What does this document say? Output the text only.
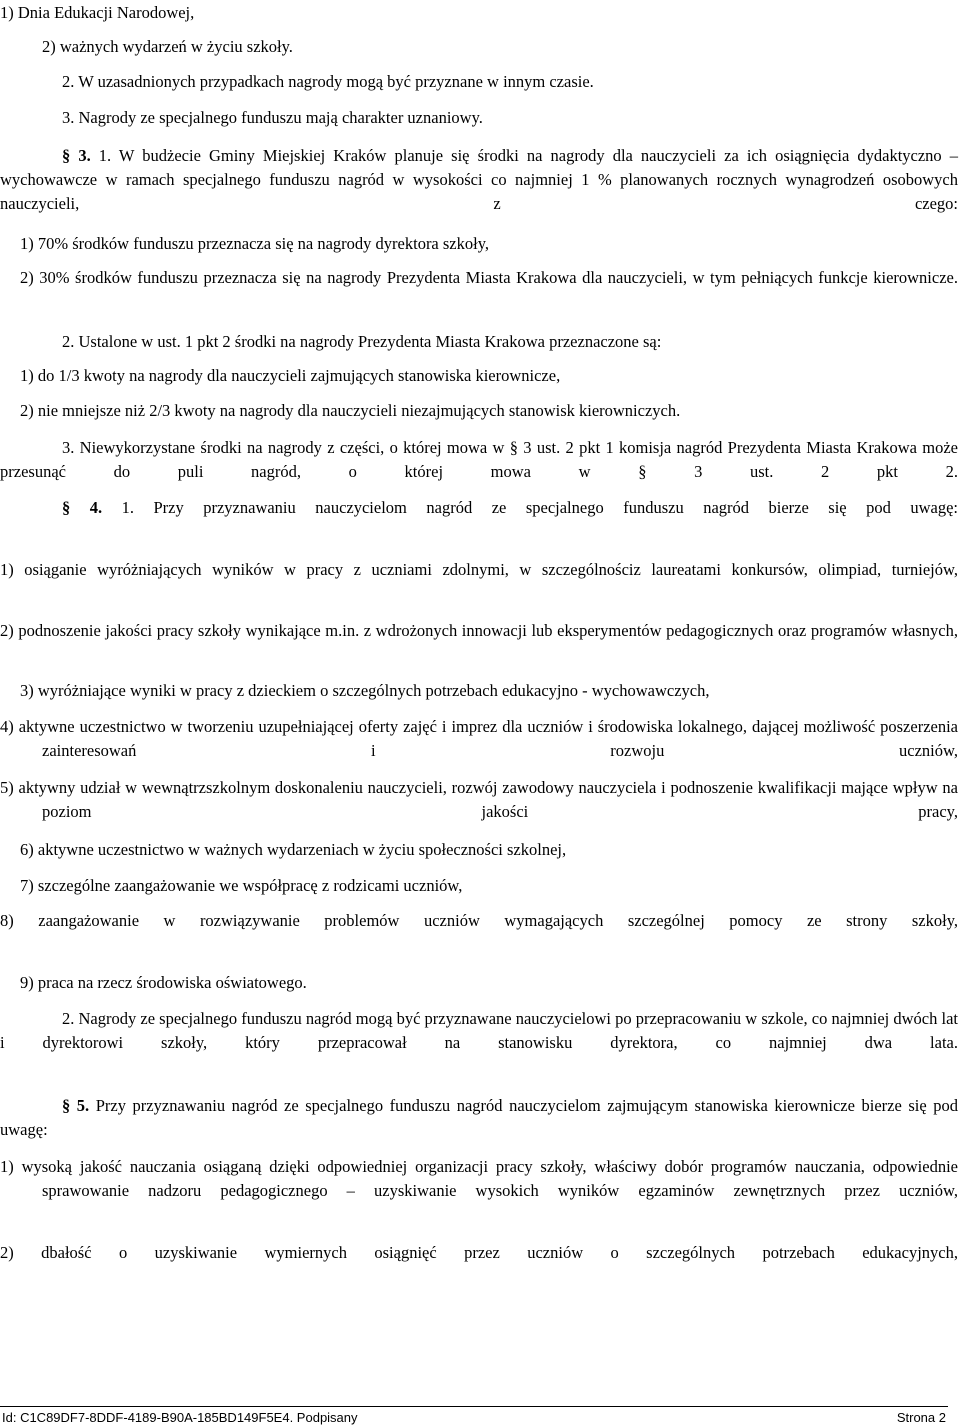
1) Dnia Edukacji Narodowej,
2) ważnych wydarzeń w życiu szkoły.
2. W uzasadnionych przypadkach nagrody mogą być przyznane w innym czasie.
3. Nagrody ze specjalnego funduszu mają charakter uznaniowy.
§ 3. 1. W budżecie Gminy Miejskiej Kraków planuje się środki na nagrody dla nauczycieli za ich osiągnięcia dydaktyczno – wychowawcze w ramach specjalnego funduszu nagród w wysokości co najmniej 1 % planowanych rocznych wynagrodzeń osobowych nauczycieli, z czego:
1) 70% środków funduszu przeznacza się na nagrody dyrektora szkoły,
2) 30% środków funduszu przeznacza się na nagrody Prezydenta Miasta Krakowa dla nauczycieli, w tym pełniących funkcje kierownicze.
2. Ustalone w ust. 1 pkt 2 środki na nagrody Prezydenta Miasta Krakowa przeznaczone są:
1) do 1/3 kwoty na nagrody dla nauczycieli zajmujących stanowiska kierownicze,
2) nie mniejsze niż 2/3 kwoty na nagrody dla nauczycieli niezajmujących stanowisk kierowniczych.
3. Niewykorzystane środki na nagrody z części, o której mowa w § 3 ust. 2 pkt 1 komisja nagród Prezydenta Miasta Krakowa może przesunąć do puli nagród, o której mowa w § 3 ust. 2 pkt 2.
§ 4. 1. Przy przyznawaniu nauczycielom nagród ze specjalnego funduszu nagród bierze się pod uwagę:
1) osiąganie wyróżniających wyników w pracy z uczniami zdolnymi, w szczególnościz laureatami konkursów, olimpiad, turniejów,
2) podnoszenie jakości pracy szkoły wynikające m.in. z wdrożonych innowacji lub eksperymentów pedagogicznych oraz programów własnych,
3) wyróżniające wyniki w pracy z dzieckiem o szczególnych potrzebach edukacyjno - wychowawczych,
4) aktywne uczestnictwo w tworzeniu uzupełniającej oferty zajęć i imprez dla uczniów i środowiska lokalnego, dającej możliwość poszerzenia zainteresowań i rozwoju uczniów,
5) aktywny udział w wewnątrzszkolnym doskonaleniu nauczycieli, rozwój zawodowy nauczyciela i podnoszenie kwalifikacji mające wpływ na poziom jakości pracy,
6) aktywne uczestnictwo w ważnych wydarzeniach w życiu społeczności szkolnej,
7) szczególne zaangażowanie we współpracę z rodzicami uczniów,
8) zaangażowanie w rozwiązywanie problemów uczniów wymagających szczególnej pomocy ze strony szkoły,
9) praca na rzecz środowiska oświatowego.
2. Nagrody ze specjalnego funduszu nagród mogą być przyznawane nauczycielowi po przepracowaniu w szkole, co najmniej dwóch lat i dyrektorowi szkoły, który przepracował na stanowisku dyrektora, co najmniej dwa lata.
§ 5. Przy przyznawaniu nagród ze specjalnego funduszu nagród nauczycielom zajmującym stanowiska kierownicze bierze się pod uwagę:
1) wysoką jakość nauczania osiąganą dzięki odpowiedniej organizacji pracy szkoły, właściwy dobór programów nauczania, odpowiednie sprawowanie nadzoru pedagogicznego – uzyskiwanie wysokich wyników egzaminów zewnętrznych przez uczniów,
2) dbałość o uzyskiwanie wymiernych osiągnięć przez uczniów o szczególnych potrzebach edukacyjnych,
Id: C1C89DF7-8DDF-4189-B90A-185BD149F5E4. Podpisany	Strona 2
